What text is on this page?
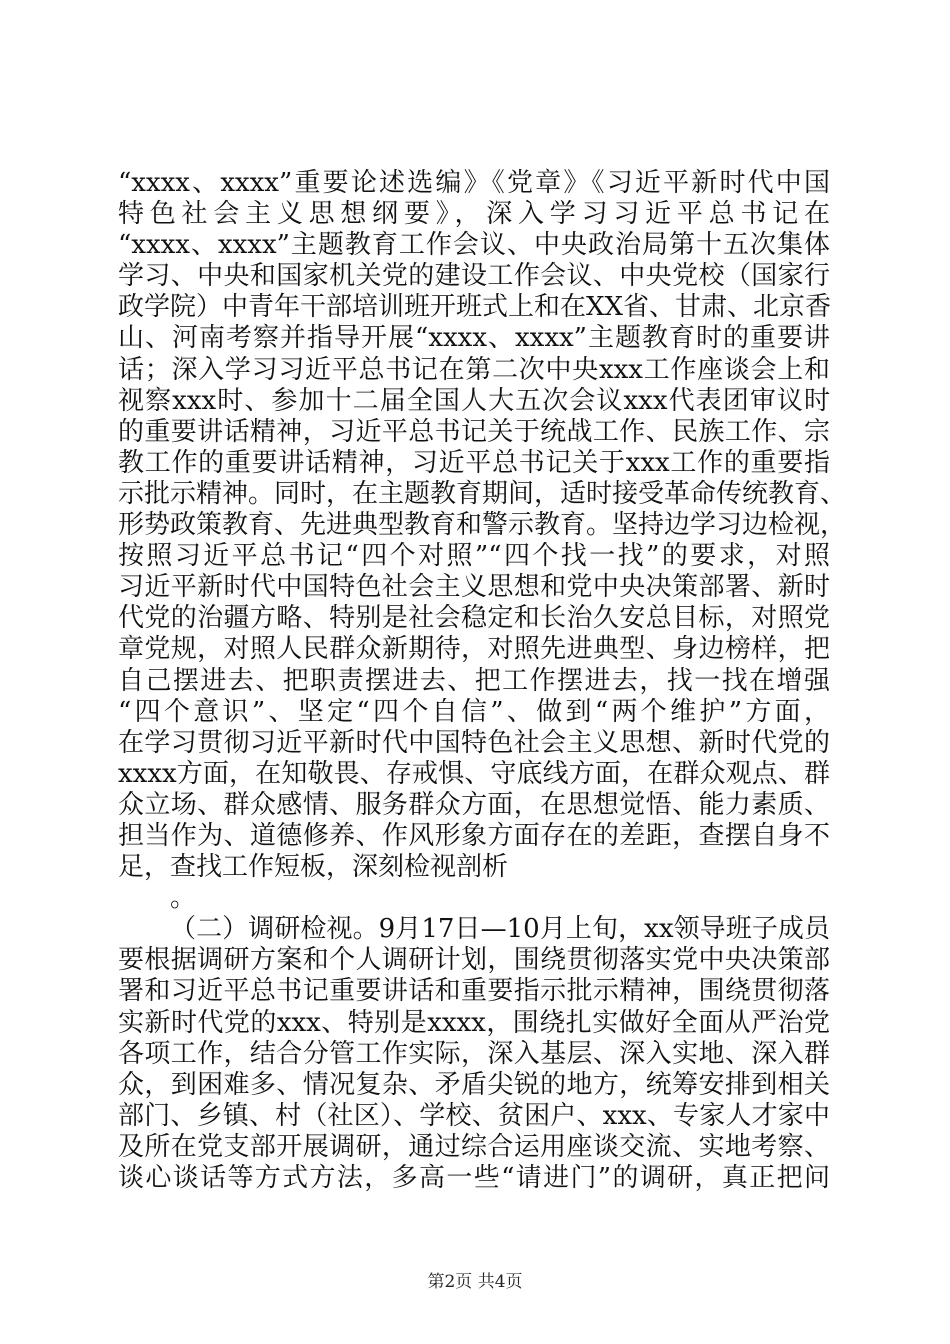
“xxxx、xxxx”重要论述选编》《党章》《习近平新时代中国
特色社会主义思想纲要》，深入学习习近平总书记在
“xxxx、xxxx”主题教育工作会议、中央政治局第十五次集体
学习、中央和国家机关党的建设工作会议、中央党校（国家行
政学院）中青年干部培训班开班式上和在XX省、甘肃、北京香
山、河南考察并指导开展“xxxx、xxxx”主题教育时的重要讲
话；深入学习习近平总书记在第二次中央xxx工作座谈会上和
视察xxx时、参加十二届全国人大五次会议xxx代表团审议时
的重要讲话精神，习近平总书记关于统战工作、民族工作、宗
教工作的重要讲话精神，习近平总书记关于xxx工作的重要指
示批示精神。同时，在主题教育期间，适时接受革命传统教育、
形势政策教育、先进典型教育和警示教育。坚持边学习边检视，
按照习近平总书记“四个对照”“四个找一找”的要求，对照
习近平新时代中国特色社会主义思想和党中央决策部署、新时
代党的治疆方略、特别是社会稳定和长治久安总目标，对照党
章党规，对照人民群众新期待，对照先进典型、身边榜样，把
自己摆进去、把职责摆进去、把工作摆进去，找一找在增强
“四个意识”、坚定“四个自信”、做到“两个维护”方面，
在学习贯彻习近平新时代中国特色社会主义思想、新时代党的
xxxx方面，在知敬畏、存戒惧、守底线方面，在群众观点、群
众立场、群众感情、服务群众方面，在思想觉悟、能力素质、
担当作为、道德修养、作风形象方面存在的差距，查摆自身不
足，查找工作短板，深刻检视剖析
　　。
（二）调研检视。9月17日—10月上旬，xx领导班子成员
要根据调研方案和个人调研计划，围绕贯彻落实党中央决策部
署和习近平总书记重要讲话和重要指示批示精神，围绕贯彻落
实新时代党的xxx、特别是xxxx，围绕扎实做好全面从严治党
各项工作，结合分管工作实际，深入基层、深入实地、深入群
众，到困难多、情况复杂、矛盾尖锐的地方，统筹安排到相关
部门、乡镇、村（社区）、学校、贫困户、xxx、专家人才家中
及所在党支部开展调研，通过综合运用座谈交流、实地考察、
谈心谈话等方式方法，多高一些“请进门”的调研，真正把问
第2页 共4页
